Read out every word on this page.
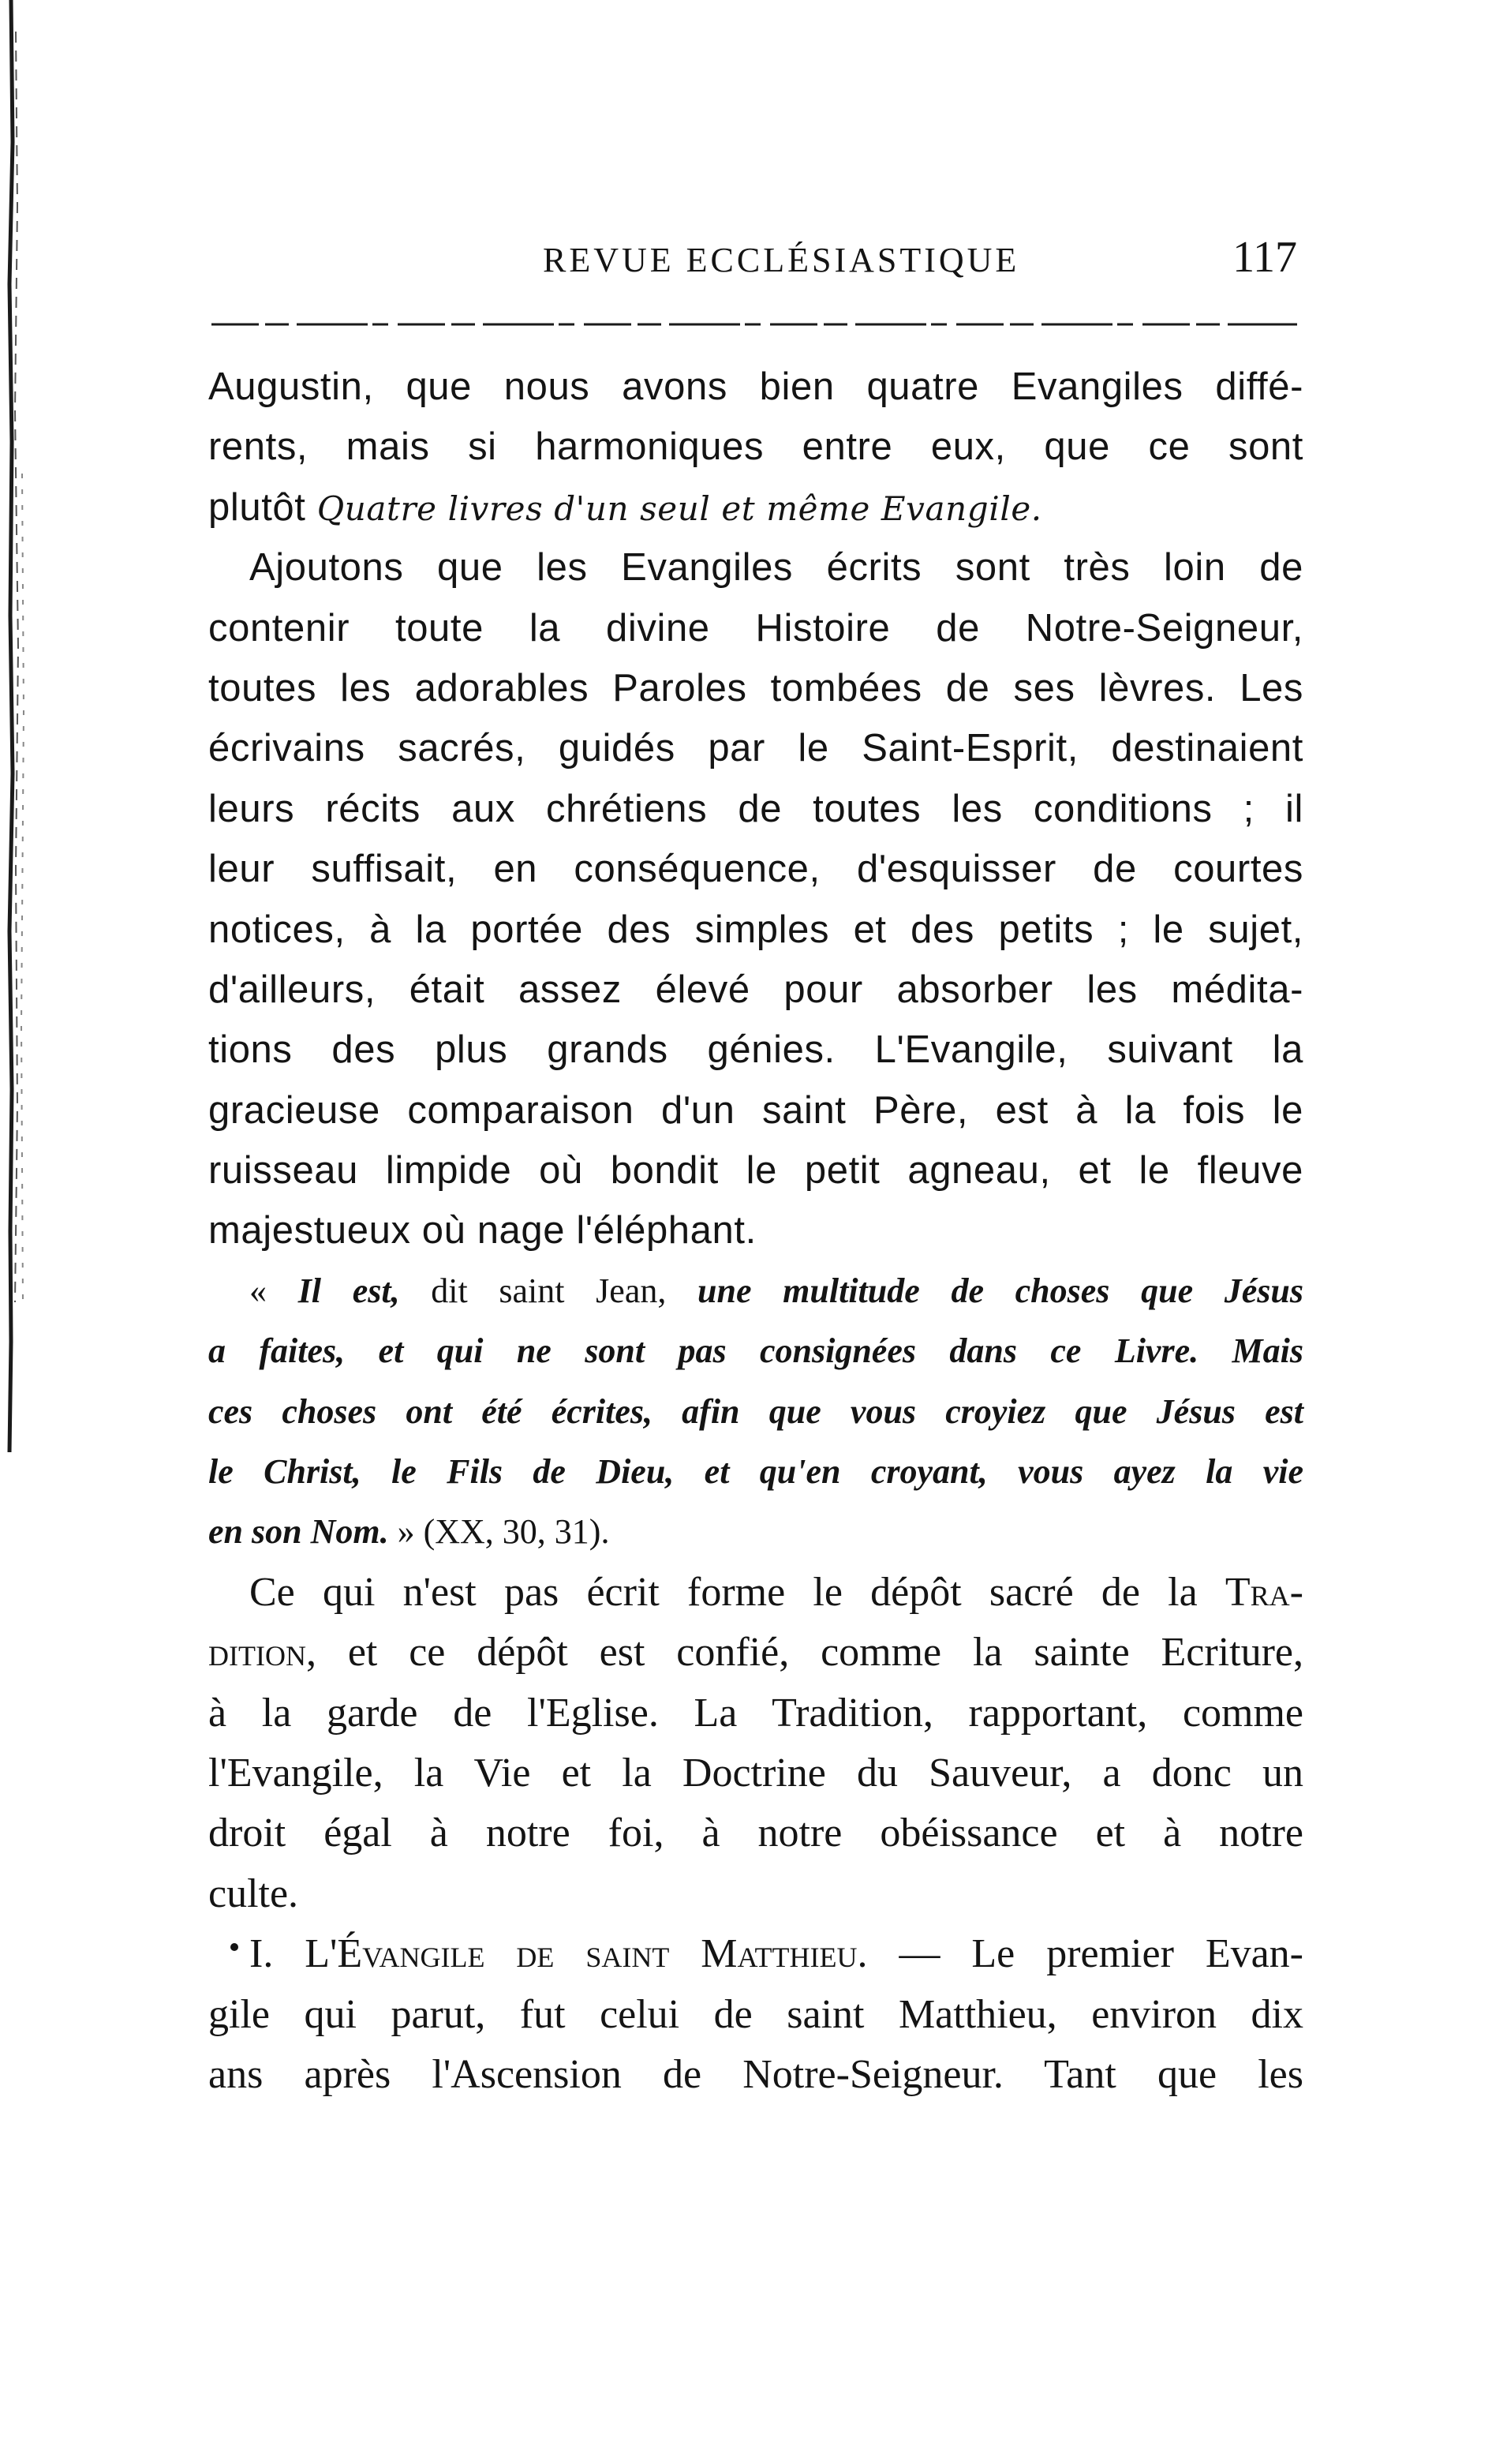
REVUE ECCLÉSIASTIQUE	117
Augustin, que nous avons bien quatre Evangiles diffé-
rents, mais si harmoniques entre eux, que ce sont
plutôt Quatre livres d'un seul et même Evangile.
Ajoutons que les Evangiles écrits sont très loin de
contenir toute la divine Histoire de Notre-Seigneur,
toutes les adorables Paroles tombées de ses lèvres. Les
écrivains sacrés, guidés par le Saint-Esprit, destinaient
leurs récits aux chrétiens de toutes les conditions ; il
leur suffisait, en conséquence, d'esquisser de courtes
notices, à la portée des simples et des petits ; le sujet,
d'ailleurs, était assez élevé pour absorber les médita-
tions des plus grands génies. L'Evangile, suivant la
gracieuse comparaison d'un saint Père, est à la fois le
ruisseau limpide où bondit le petit agneau, et le fleuve
majestueux où nage l'éléphant.
« Il est, dit saint Jean, une multitude de choses que Jésus
a faites, et qui ne sont pas consignées dans ce Livre. Mais
ces choses ont été écrites, afin que vous croyiez que Jésus est
le Christ, le Fils de Dieu, et qu'en croyant, vous ayez la vie
en son Nom. » (XX, 30, 31).
Ce qui n'est pas écrit forme le dépôt sacré de la Tra-
dition, et ce dépôt est confié, comme la sainte Ecriture,
à la garde de l'Eglise. La Tradition, rapportant, comme
l'Evangile, la Vie et la Doctrine du Sauveur, a donc un
droit égal à notre foi, à notre obéissance et à notre
culte.
I. L'Évangile de saint Matthieu. — Le premier Evan-
gile qui parut, fut celui de saint Matthieu, environ dix
ans après l'Ascension de Notre-Seigneur. Tant que les
